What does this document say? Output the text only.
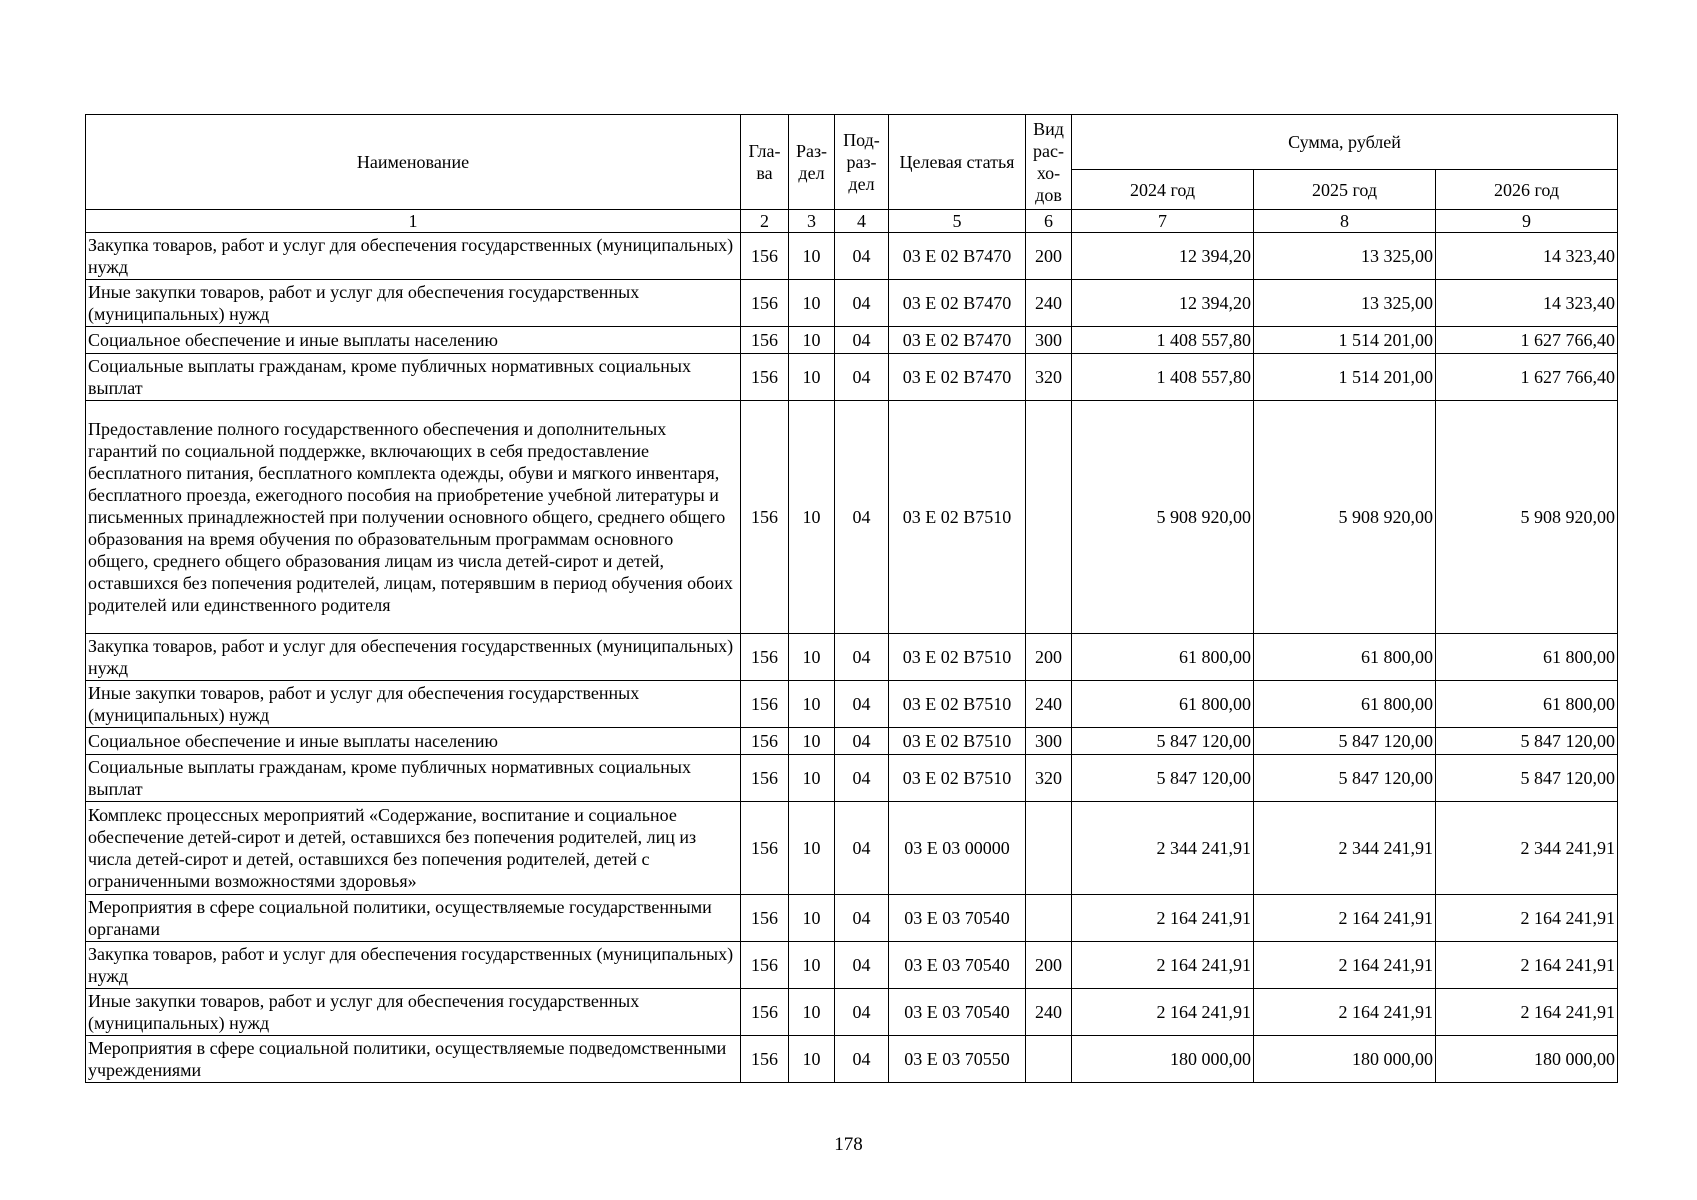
Наименование	Гла-ва	Раз-дел	Под-раз-дел	Целевая статья	Вид рас-хо-дов	Сумма, рублей		
						2024 год	2025 год	2026 год
1	2	3	4	5	6	7	8	9
Закупка товаров, работ и услуг для обеспечения государственных (муниципальных) нужд	156	10	04	03 Е 02 В7470	200	12 394,20	13 325,00	14 323,40
Иные закупки товаров, работ и услуг для обеспечения государственных (муниципальных) нужд	156	10	04	03 Е 02 В7470	240	12 394,20	13 325,00	14 323,40
Социальное обеспечение и иные выплаты населению	156	10	04	03 Е 02 В7470	300	1 408 557,80	1 514 201,00	1 627 766,40
Социальные выплаты гражданам, кроме публичных нормативных социальных выплат	156	10	04	03 Е 02 В7470	320	1 408 557,80	1 514 201,00	1 627 766,40
Предоставление полного государственного обеспечения и дополнительных гарантий по социальной поддержке, включающих в себя предоставление бесплатного питания, бесплатного комплекта одежды, обуви и мягкого инвентаря, бесплатного проезда, ежегодного пособия на приобретение учебной литературы и письменных принадлежностей при получении основного общего, среднего общего образования на время обучения по образовательным программам основного общего, среднего общего образования лицам из числа детей-сирот и детей, оставшихся без попечения родителей, лицам, потерявшим в период обучения обоих родителей или единственного родителя	156	10	04	03 Е 02 В7510		5 908 920,00	5 908 920,00	5 908 920,00
Закупка товаров, работ и услуг для обеспечения государственных (муниципальных) нужд	156	10	04	03 Е 02 В7510	200	61 800,00	61 800,00	61 800,00
Иные закупки товаров, работ и услуг для обеспечения государственных (муниципальных) нужд	156	10	04	03 Е 02 В7510	240	61 800,00	61 800,00	61 800,00
Социальное обеспечение и иные выплаты населению	156	10	04	03 Е 02 В7510	300	5 847 120,00	5 847 120,00	5 847 120,00
Социальные выплаты гражданам, кроме публичных нормативных социальных выплат	156	10	04	03 Е 02 В7510	320	5 847 120,00	5 847 120,00	5 847 120,00
Комплекс процессных мероприятий «Содержание, воспитание и социальное обеспечение детей-сирот и детей, оставшихся без попечения родителей, лиц из числа детей-сирот и детей, оставшихся без попечения родителей, детей с ограниченными возможностями здоровья»	156	10	04	03 Е 03 00000		2 344 241,91	2 344 241,91	2 344 241,91
Мероприятия в сфере социальной политики, осуществляемые государственными органами	156	10	04	03 Е 03 70540		2 164 241,91	2 164 241,91	2 164 241,91
Закупка товаров, работ и услуг для обеспечения государственных (муниципальных) нужд	156	10	04	03 Е 03 70540	200	2 164 241,91	2 164 241,91	2 164 241,91
Иные закупки товаров, работ и услуг для обеспечения государственных (муниципальных) нужд	156	10	04	03 Е 03 70540	240	2 164 241,91	2 164 241,91	2 164 241,91
Мероприятия в сфере социальной политики, осуществляемые подведомственными учреждениями	156	10	04	03 Е 03 70550		180 000,00	180 000,00	180 000,00
178
